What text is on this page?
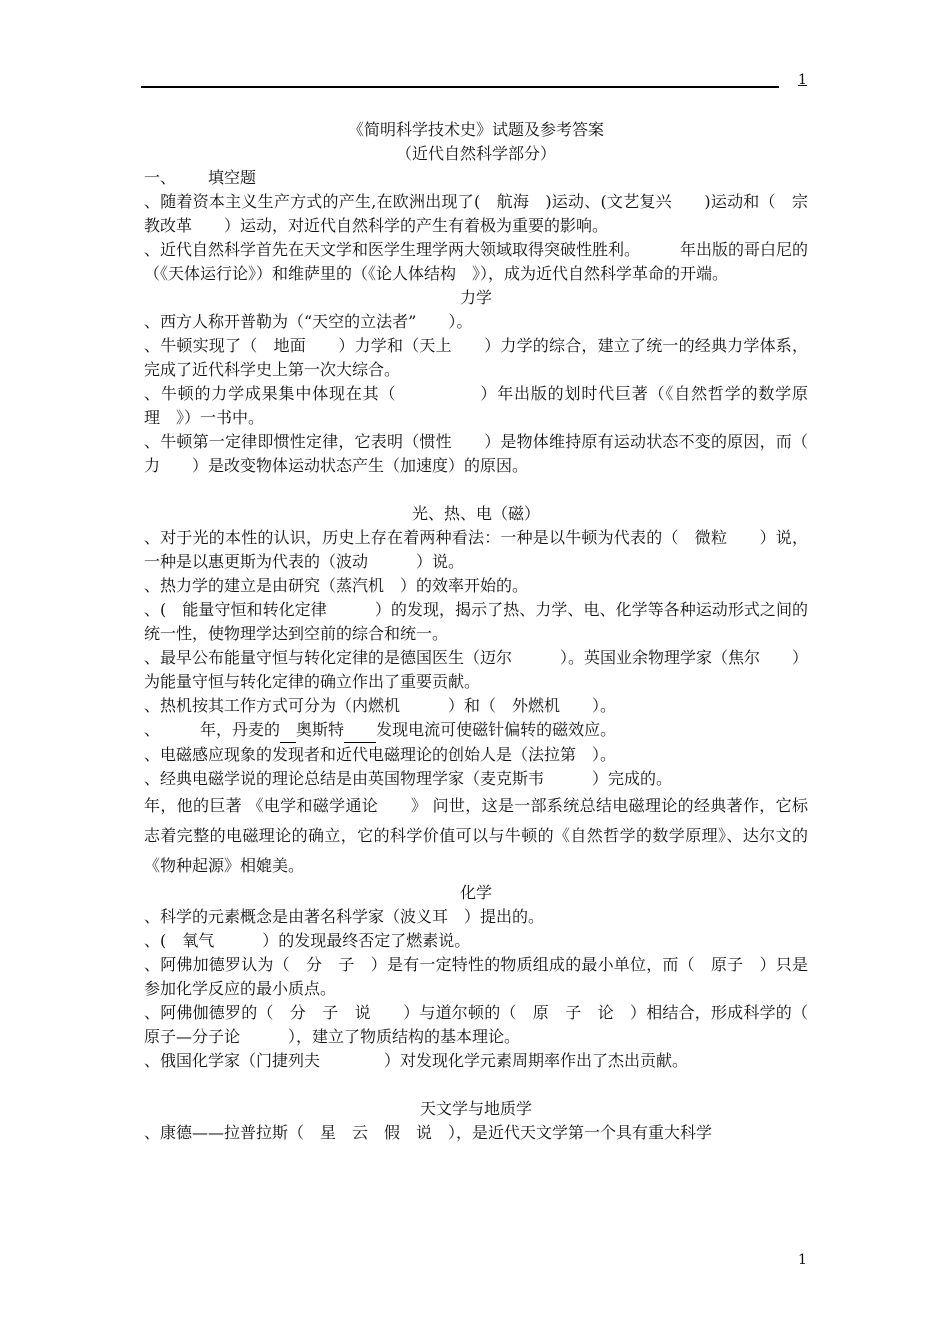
1
《简明科学技术史》试题及参考答案
（近代自然科学部分）
一、 填空题
、随着资本主义生产方式的产生,在欧洲出现了(　航海　)运动、(文艺复兴　　)运动和（　宗教改革　　）运动，对近代自然科学的产生有着极为重要的影响。
、近代自然科学首先在天文学和医学生理学两大领域取得突破性胜利。　　　年出版的哥白尼的（《天体运行论》）和维萨里的（《论人体结构　》），成为近代自然科学革命的开端。
力学
、西方人称开普勒为（“天空的立法者”　　）。
、牛顿实现了（　地面　　）力学和（天上　　）力学的综合，建立了统一的经典力学体系，完成了近代科学史上第一次大综合。
、牛顿的力学成果集中体现在其（　　　　　）年出版的划时代巨著（《自然哲学的数学原理　》）一书中。
、牛顿第一定律即惯性定律，它表明（惯性　　）是物体维持原有运动状态不变的原因，而（　力　　）是改变物体运动状态产生（加速度）的原因。
光、热、电（磁）
、对于光的本性的认识，历史上存在着两种看法：一种是以牛顿为代表的（　微粒　　）说，一种是以惠更斯为代表的（波动　　　）说。
、热力学的建立是由研究（蒸汽机　）的效率开始的。
、(　能量守恒和转化定律　　　）的发现，揭示了热、力学、电、化学等各种运动形式之间的统一性，使物理学达到空前的综合和统一。
、最早公布能量守恒与转化定律的是德国医生（迈尔　　　）。英国业余物理学家（焦尔　　）为能量守恒与转化定律的确立作出了重要贡献。
、热机按其工作方式可分为（内燃机　　　）和（　外燃机　　）。
、　　　年，丹麦的　 奥斯特　　 发现电流可使磁针偏转的磁效应。
、电磁感应现象的发现者和近代电磁理论的创始人是（法拉第　）。
、经典电磁学说的理论总结是由英国物理学家（麦克斯韦　　　）完成的。
年，他的巨著 《电学和磁学通论　　》 问世，这是一部系统总结电磁理论的经典著作，它标志着完整的电磁理论的确立，它的科学价值可以与牛顿的《自然哲学的数学原理》、达尔文的《物种起源》相媲美。
化学
、科学的元素概念是由著名科学家（波义耳　）提出的。
、(　氧气　　　）的发现最终否定了燃素说。
、阿佛加德罗认为（　分　子　）是有一定特性的物质组成的最小单位，而（　原子　）只是参加化学反应的最小质点。
、阿佛伽德罗的（　分　子　说　　）与道尔顿的（　原　子　论　）相结合，形成科学的（　原子—分子论　　　），建立了物质结构的基本理论。
、俄国化学家（门捷列夫　　　　）对发现化学元素周期率作出了杰出贡献。
天文学与地质学
、康德——拉普拉斯（　星　云　假　说　），是近代天文学第一个具有重大科学
1
